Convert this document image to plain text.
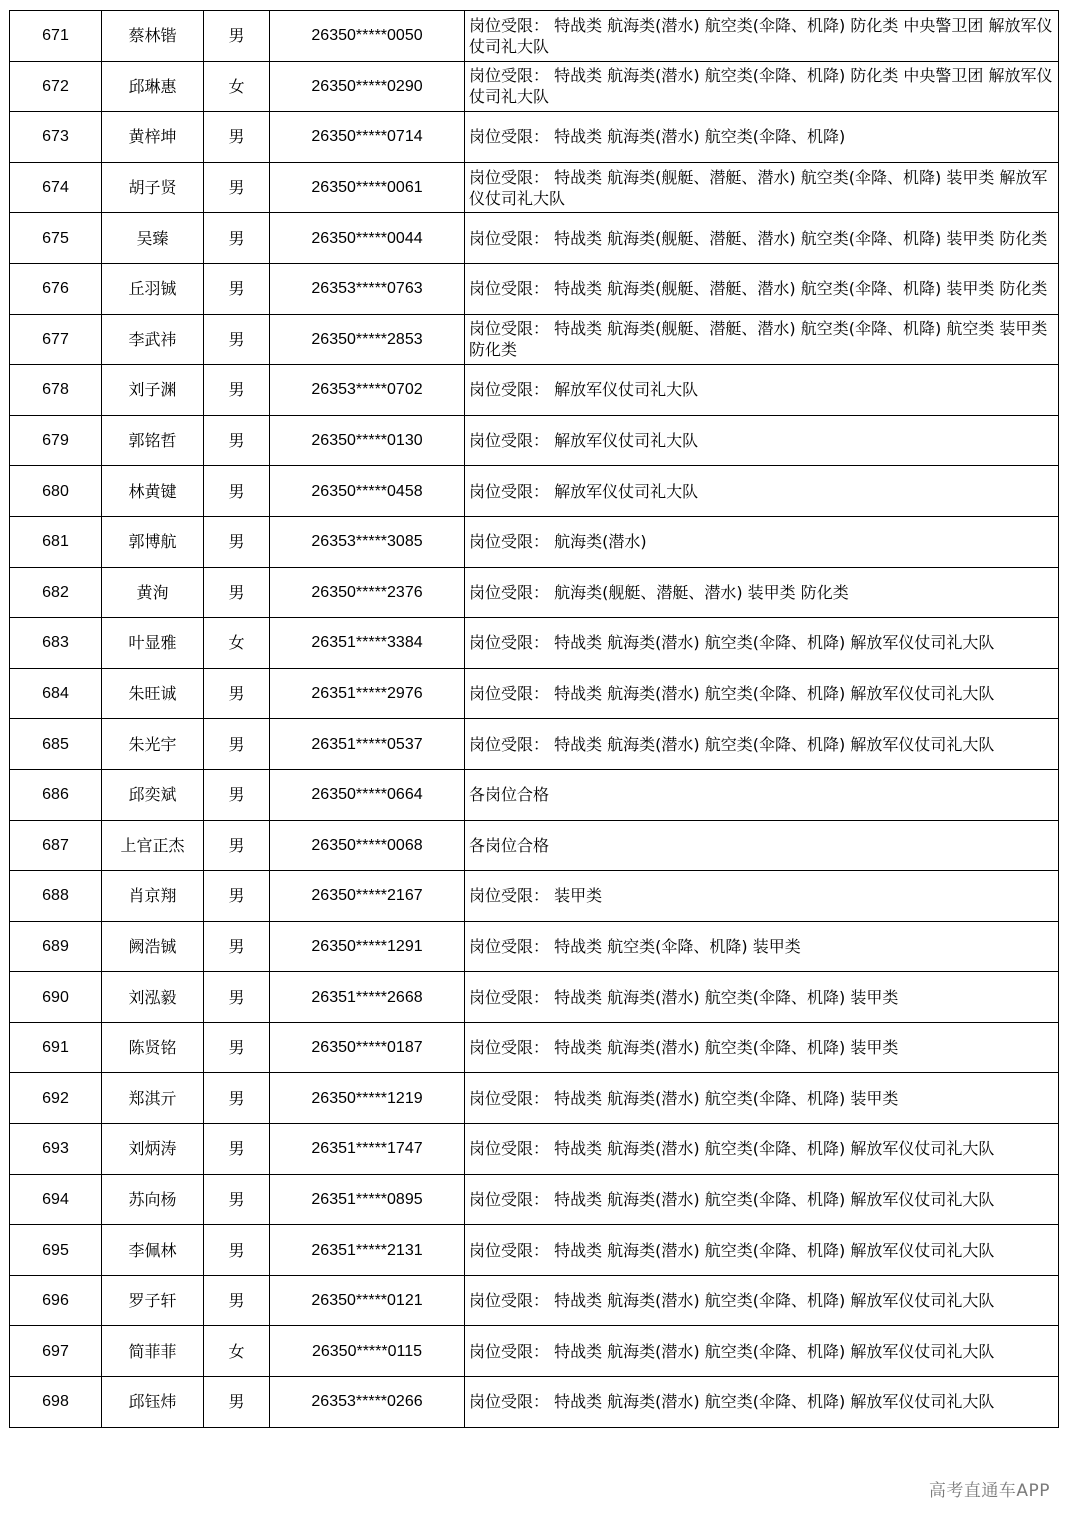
671	蔡林锴	男	26350*****0050	岗位受限： 特战类 航海类(潜水) 航空类(伞降、机降) 防化类 中央警卫团 解放军仪仗司礼大队
672	邱琳惠	女	26350*****0290	岗位受限： 特战类 航海类(潜水) 航空类(伞降、机降) 防化类 中央警卫团 解放军仪仗司礼大队
673	黄梓坤	男	26350*****0714	岗位受限： 特战类 航海类(潜水) 航空类(伞降、机降)
674	胡子贤	男	26350*****0061	岗位受限： 特战类 航海类(舰艇、潜艇、潜水) 航空类(伞降、机降) 装甲类 解放军仪仗司礼大队
675	吴臻	男	26350*****0044	岗位受限： 特战类 航海类(舰艇、潜艇、潜水) 航空类(伞降、机降) 装甲类 防化类
676	丘羽铖	男	26353*****0763	岗位受限： 特战类 航海类(舰艇、潜艇、潜水) 航空类(伞降、机降) 装甲类 防化类
677	李武祎	男	26350*****2853	岗位受限： 特战类 航海类(舰艇、潜艇、潜水) 航空类(伞降、机降) 航空类 装甲类 防化类
678	刘子渊	男	26353*****0702	岗位受限： 解放军仪仗司礼大队
679	郭铭哲	男	26350*****0130	岗位受限： 解放军仪仗司礼大队
680	林黄键	男	26350*****0458	岗位受限： 解放军仪仗司礼大队
681	郭博航	男	26353*****3085	岗位受限： 航海类(潜水)
682	黄洵	男	26350*****2376	岗位受限： 航海类(舰艇、潜艇、潜水) 装甲类 防化类
683	叶显雅	女	26351*****3384	岗位受限： 特战类 航海类(潜水) 航空类(伞降、机降) 解放军仪仗司礼大队
684	朱旺诚	男	26351*****2976	岗位受限： 特战类 航海类(潜水) 航空类(伞降、机降) 解放军仪仗司礼大队
685	朱光宇	男	26351*****0537	岗位受限： 特战类 航海类(潜水) 航空类(伞降、机降) 解放军仪仗司礼大队
686	邱奕斌	男	26350*****0664	各岗位合格
687	上官正杰	男	26350*****0068	各岗位合格
688	肖京翔	男	26350*****2167	岗位受限： 装甲类
689	阙浩铖	男	26350*****1291	岗位受限： 特战类 航空类(伞降、机降) 装甲类
690	刘泓毅	男	26351*****2668	岗位受限： 特战类 航海类(潜水) 航空类(伞降、机降) 装甲类
691	陈贤铭	男	26350*****0187	岗位受限： 特战类 航海类(潜水) 航空类(伞降、机降) 装甲类
692	郑淇亓	男	26350*****1219	岗位受限： 特战类 航海类(潜水) 航空类(伞降、机降) 装甲类
693	刘炳涛	男	26351*****1747	岗位受限： 特战类 航海类(潜水) 航空类(伞降、机降) 解放军仪仗司礼大队
694	苏向杨	男	26351*****0895	岗位受限： 特战类 航海类(潜水) 航空类(伞降、机降) 解放军仪仗司礼大队
695	李佩林	男	26351*****2131	岗位受限： 特战类 航海类(潜水) 航空类(伞降、机降) 解放军仪仗司礼大队
696	罗子轩	男	26350*****0121	岗位受限： 特战类 航海类(潜水) 航空类(伞降、机降) 解放军仪仗司礼大队
697	简菲菲	女	26350*****0115	岗位受限： 特战类 航海类(潜水) 航空类(伞降、机降) 解放军仪仗司礼大队
698	邱钰炜	男	26353*****0266	岗位受限： 特战类 航海类(潜水) 航空类(伞降、机降) 解放军仪仗司礼大队
高考直通车APP
